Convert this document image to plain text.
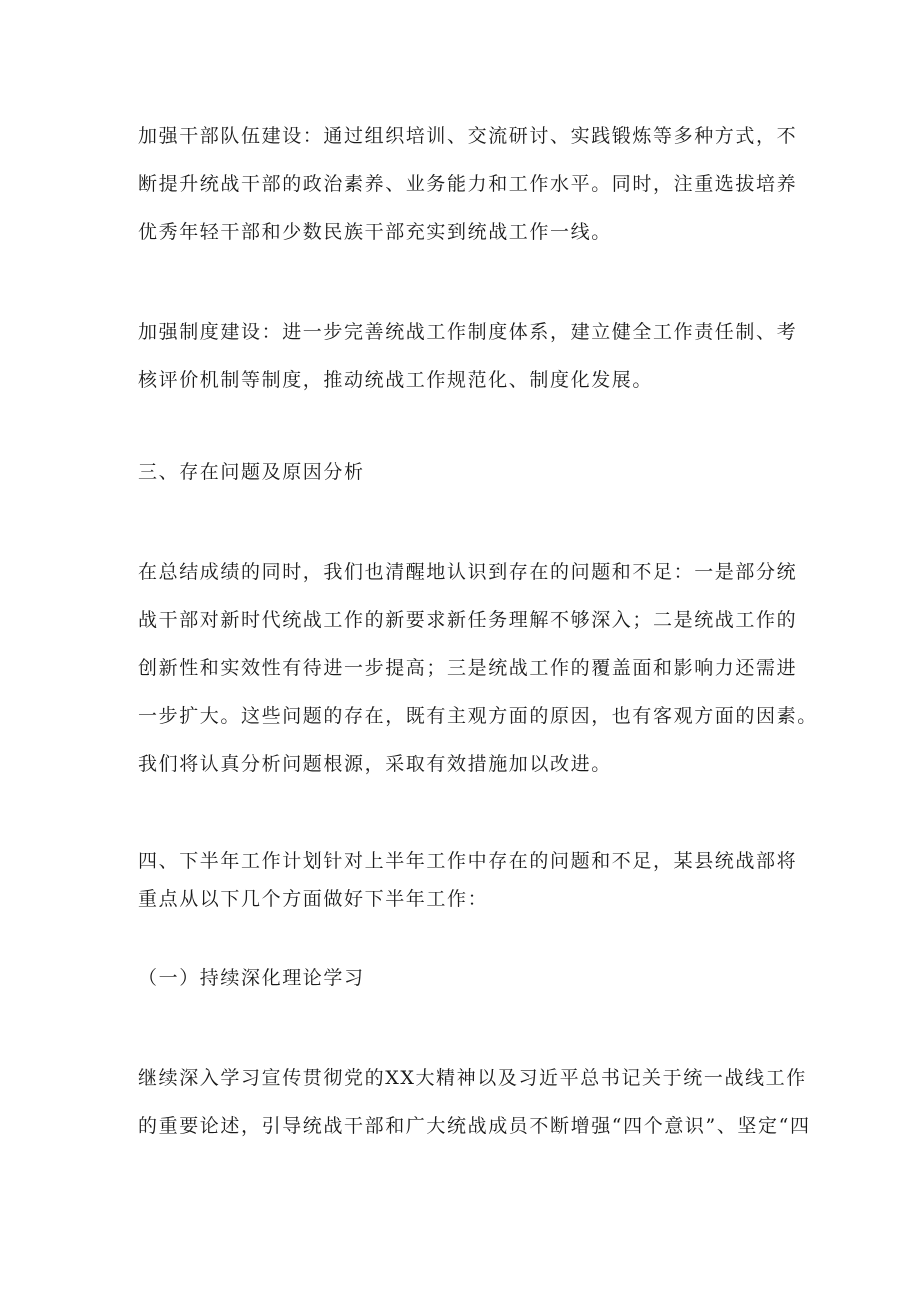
加强干部队伍建设：通过组织培训、交流研讨、实践锻炼等多种方式，不
断提升统战干部的政治素养、业务能力和工作水平。同时，注重选拔培养
优秀年轻干部和少数民族干部充实到统战工作一线。

加强制度建设：进一步完善统战工作制度体系，建立健全工作责任制、考
核评价机制等制度，推动统战工作规范化、制度化发展。

三、存在问题及原因分析

在总结成绩的同时，我们也清醒地认识到存在的问题和不足：一是部分统
战干部对新时代统战工作的新要求新任务理解不够深入；二是统战工作的
创新性和实效性有待进一步提高；三是统战工作的覆盖面和影响力还需进
一步扩大。这些问题的存在，既有主观方面的原因，也有客观方面的因素。
我们将认真分析问题根源，采取有效措施加以改进。

四、下半年工作计划针对上半年工作中存在的问题和不足，某县统战部将
重点从以下几个方面做好下半年工作：

（一）持续深化理论学习

继续深入学习宣传贯彻党的XX大精神以及习近平总书记关于统一战线工作
的重要论述，引导统战干部和广大统战成员不断增强“四个意识”、坚定“四
